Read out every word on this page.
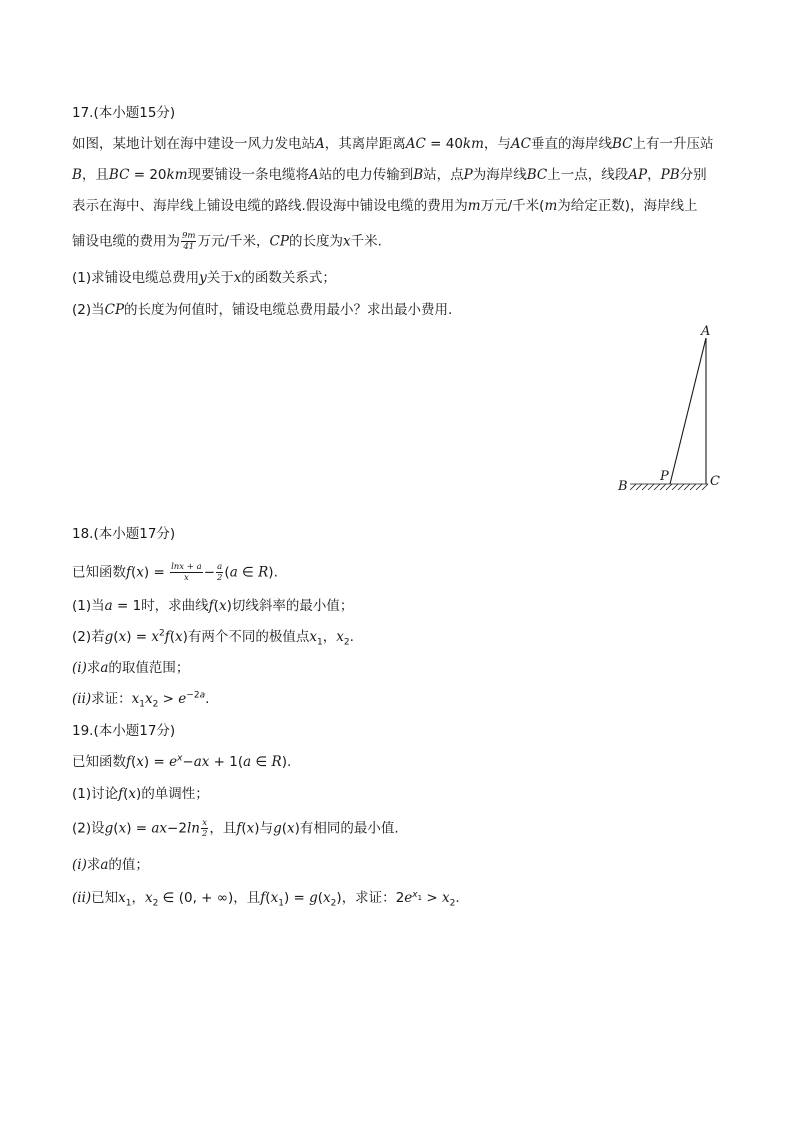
17.(本小题15分)
如图，某地计划在海中建设一风力发电站A，其离岸距离AC = 40km，与AC垂直的海岸线BC上有一升压站
B，且BC = 20km现要铺设一条电缆将A站的电力传输到B站，点P为海岸线BC上一点，线段AP，PB分别
表示在海中、海岸线上铺设电缆的路线.假设海中铺设电缆的费用为m万元/千米(m为给定正数)，海岸线上
铺设电缆的费用为 $\frac{9m}{41}$ 万元/千米，CP的长度为x千米.
(1)求铺设电缆总费用y关于x的函数关系式；
(2)当CP的长度为何值时，铺设电缆总费用最小？求出最小费用.
A
P
B	C
18.(本小题17分)
已知函数$f(x) = \frac{\ln x + a}{x} - \frac{a}{2} (a$ ∈ R).
(1)当a = 1时，求曲线f(x)切线斜率的最小值；
(2)若$g(x) = x^2f(x)$有两个不同的极值点$x_1$，$x_2$.
(i)求a的取值范围；
(ii)求证：$x_1x_2 > e^{-2a}$.
19.(本小题17分)
已知函数$f(x) = e^x-ax + 1(a$ ∈ R).
(1)讨论f(x)的单调性；
(2)设$g(x) = ax-2\ln \frac{x}{2}$ ，且f(x)与g(x)有相同的最小值.
(i)求a的值；
(ii)已知$x_1$，$x_2$ ∈ (0, + ∞)，且$f(x_1) = g(x_2)$，求证：$2e^{x_1} > x_2$.
